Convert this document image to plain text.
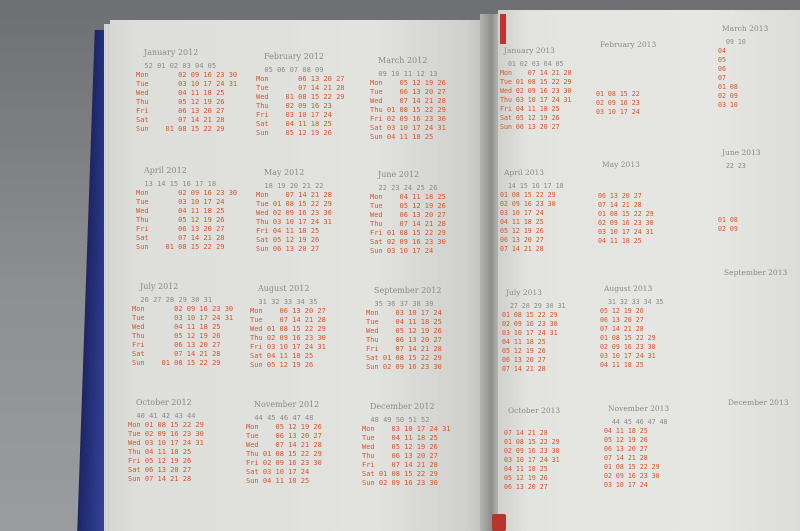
January 2012
52 01 02 03 04 05
Mon       02 09 16 23 30
Tue       03 10 17 24 31
Wed       04 11 18 25
Thu       05 12 19 26
Fri       06 13 20 27
Sat       07 14 21 28
Sun    01 08 15 22 29
February 2012
05 06 07 08 09
Mon       06 13 20 27
Tue       07 14 21 28
Wed    01 08 15 22 29
Thu    02 09 16 23
Fri    03 10 17 24
Sat    04 11 18 25
Sun    05 12 19 26
March 2012
09 10 11 12 13
Mon    05 12 19 26
Tue    06 13 20 27
Wed    07 14 21 28
Thu 01 08 15 22 29
Fri 02 09 16 23 30
Sat 03 10 17 24 31
Sun 04 11 18 25
April 2012
13 14 15 16 17 18
Mon       02 09 16 23 30
Tue       03 10 17 24
Wed       04 11 18 25
Thu       05 12 19 26
Fri       06 13 20 27
Sat       07 14 21 28
Sun    01 08 15 22 29
May 2012
18 19 20 21 22
Mon    07 14 21 28
Tue 01 08 15 22 29
Wed 02 09 16 23 30
Thu 03 10 17 24 31
Fri 04 11 18 25
Sat 05 12 19 26
Sun 06 13 20 27
June 2012
22 23 24 25 26
Mon    04 11 18 25
Tue    05 12 19 26
Wed    06 13 20 27
Thu    07 14 21 28
Fri 01 08 15 22 29
Sat 02 09 16 23 30
Sun 03 10 17 24
July 2012
26 27 28 29 30 31
Mon       02 09 16 23 30
Tue       03 10 17 24 31
Wed       04 11 18 25
Thu       05 12 19 26
Fri       06 13 20 27
Sat       07 14 21 28
Sun    01 08 15 22 29
August 2012
31 32 33 34 35
Mon    06 13 20 27
Tue    07 14 21 28
Wed 01 08 15 22 29
Thu 02 09 16 23 30
Fri 03 10 17 24 31
Sat 04 11 18 25
Sun 05 12 19 26
September 2012
35 36 37 38 39
Mon    03 10 17 24
Tue    04 11 18 25
Wed    05 12 19 26
Thu    06 13 20 27
Fri    07 14 21 28
Sat 01 08 15 22 29
Sun 02 09 16 23 30
October 2012
40 41 42 43 44
Mon 01 08 15 22 29
Tue 02 09 16 23 30
Wed 03 10 17 24 31
Thu 04 11 18 25
Fri 05 12 19 26
Sat 06 13 20 27
Sun 07 14 21 28
November 2012
44 45 46 47 48
Mon    05 12 19 26
Tue    06 13 20 27
Wed    07 14 21 28
Thu 01 08 15 22 29
Fri 02 09 16 23 30
Sat 03 10 17 24
Sun 04 11 18 25
December 2012
48 49 50 51 52
Mon    03 10 17 24 31
Tue    04 11 18 25
Wed    05 12 19 26
Thu    06 13 20 27
Fri    07 14 21 28
Sat 01 08 15 22 29
Sun 02 09 16 23 30
January 2013
01 02 03 04 05
Mon    07 14 21 28
Tue 01 08 15 22 29
Wed 02 09 16 23 30
Thu 03 10 17 24 31
Fri 04 11 18 25
Sat 05 12 19 26
Sun 06 13 20 27
February 2013

01 08 15 22
02 09 16 23
03 10 17 24
March 2013
09 10
04
05
06
07
01 08
02 09
03 10
April 2013
14 15 16 17 18
01 08 15 22 29
02 09 16 23 30
03 10 17 24
04 11 18 25
05 12 19 26
06 13 20 27
07 14 21 28
May 2013

06 13 20 27
07 14 21 28
01 08 15 22 29
02 09 16 23 30
03 10 17 24 31
04 11 18 25
June 2013
22 23
01 08
02 09
July 2013
27 28 29 30 31
01 08 15 22 29
02 09 16 23 30
03 10 17 24 31
04 11 18 25
05 12 19 26
06 13 20 27
07 14 21 28
August 2013
31 32 33 34 35
05 12 19 26
06 13 20 27
07 14 21 28
01 08 15 22 29
02 09 16 23 30
03 10 17 24 31
04 11 18 25
September 2013

October 2013

07 14 21 28
01 08 15 22 29
02 09 16 23 30
03 10 17 24 31
04 11 18 25
05 12 19 26
06 13 20 27
November 2013
44 45 46 47 48
04 11 18 25
05 12 19 26
06 13 20 27
07 14 21 28
01 08 15 22 29
02 09 16 23 30
03 10 17 24
December 2013
